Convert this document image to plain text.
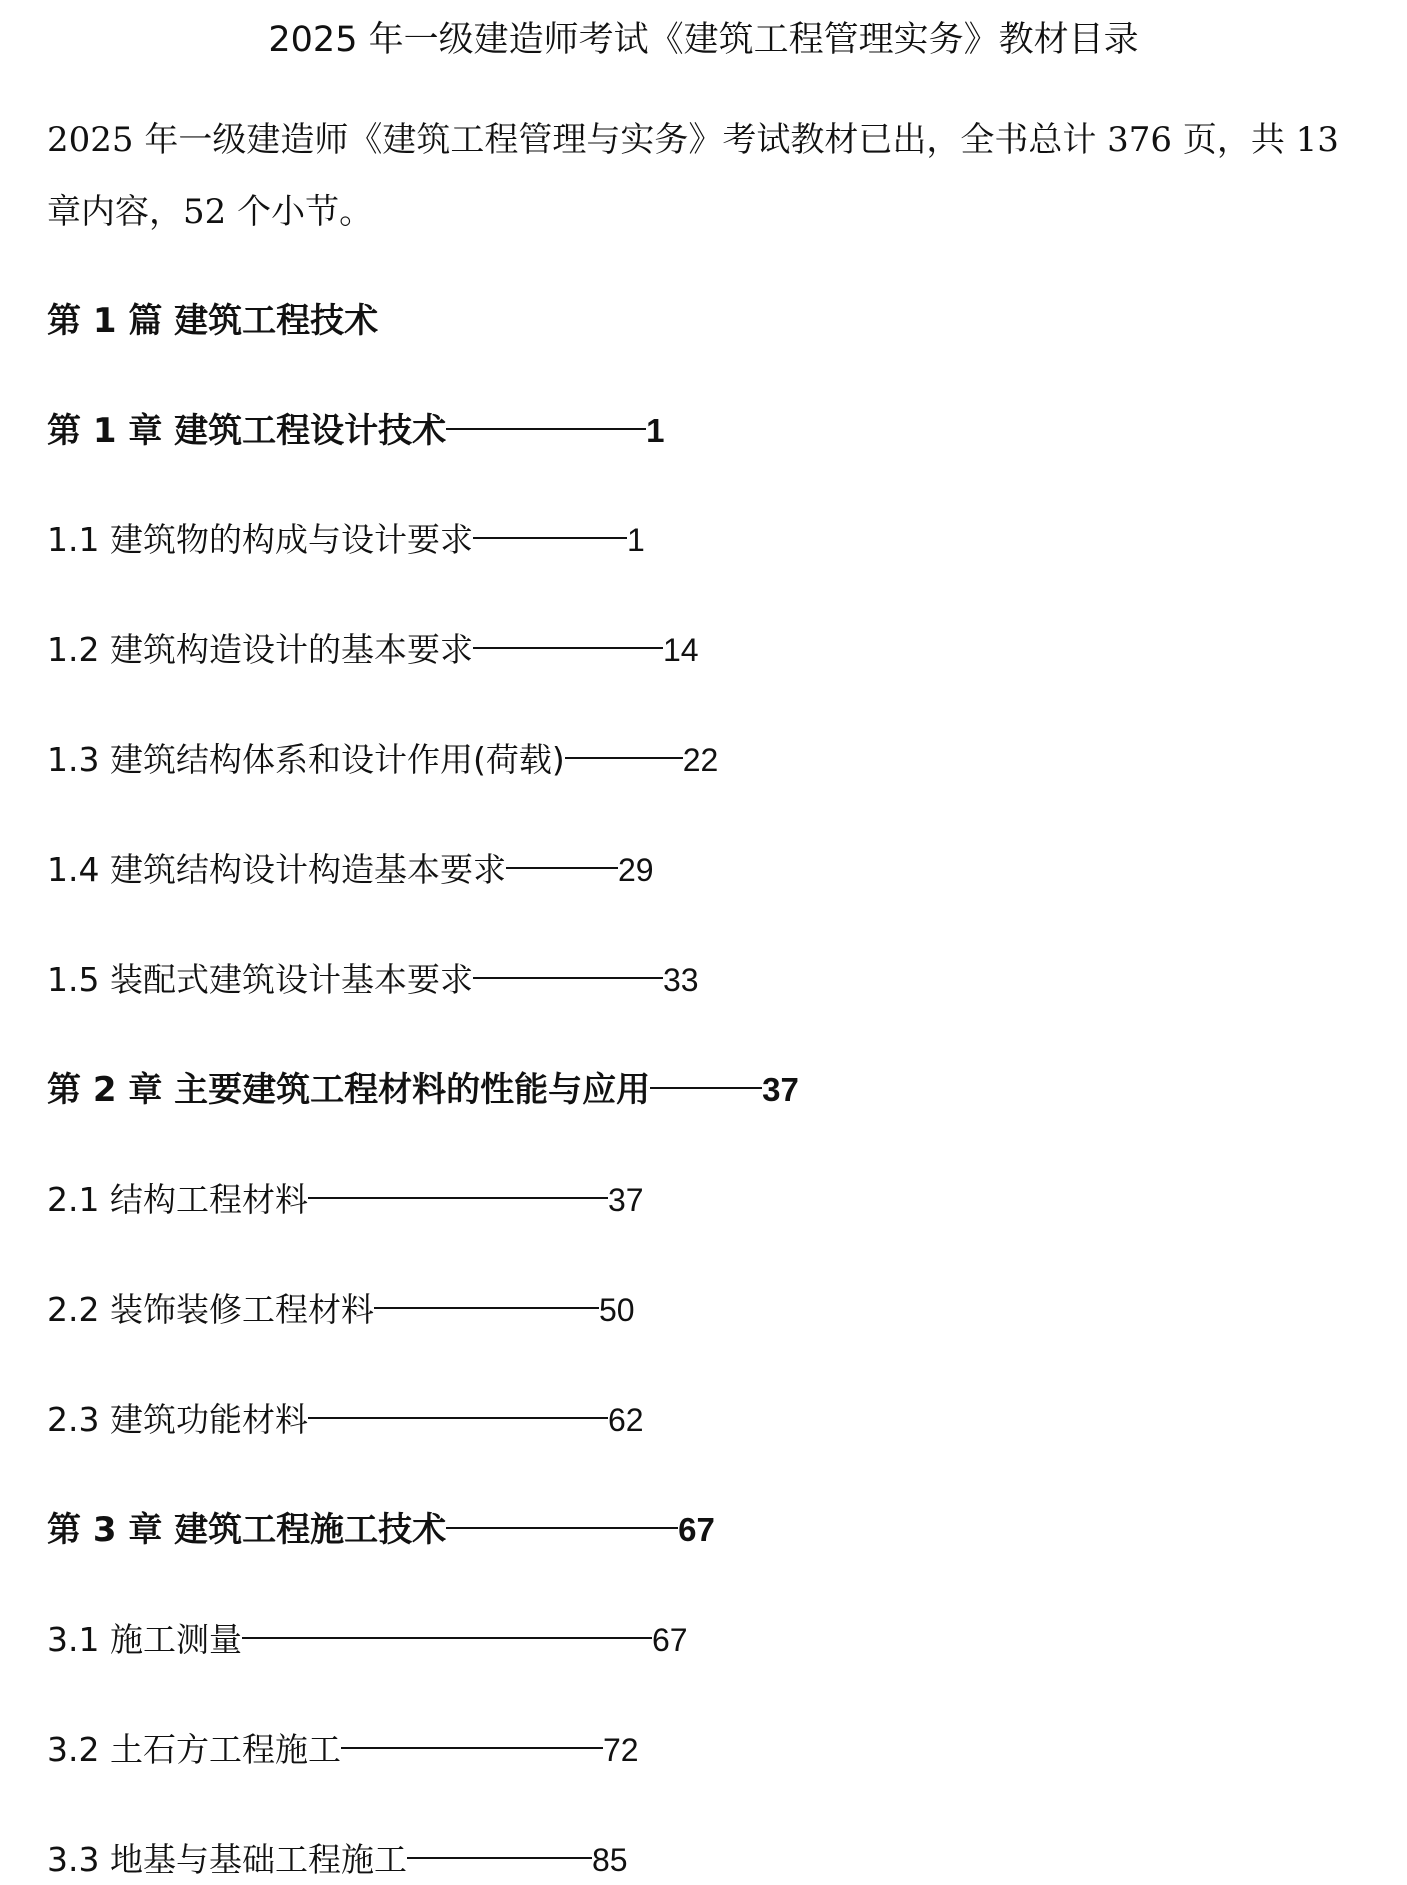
2025 年一级建造师考试《建筑工程管理实务》教材目录

2025 年一级建造师《建筑工程管理与实务》考试教材已出，全书总计 376 页，共 13 章内容，52 个小节。

第 1 篇 建筑工程技术
第 1 章 建筑工程设计技术	1
1.1 建筑物的构成与设计要求	1
1.2 建筑构造设计的基本要求	14
1.3 建筑结构体系和设计作用(荷载)	22
1.4 建筑结构设计构造基本要求	29
1.5 装配式建筑设计基本要求	33
第 2 章 主要建筑工程材料的性能与应用	37
2.1 结构工程材料	37
2.2 装饰装修工程材料	50
2.3 建筑功能材料	62
第 3 章 建筑工程施工技术	67
3.1 施工测量	67
3.2 土石方工程施工	72
3.3 地基与基础工程施工	85
